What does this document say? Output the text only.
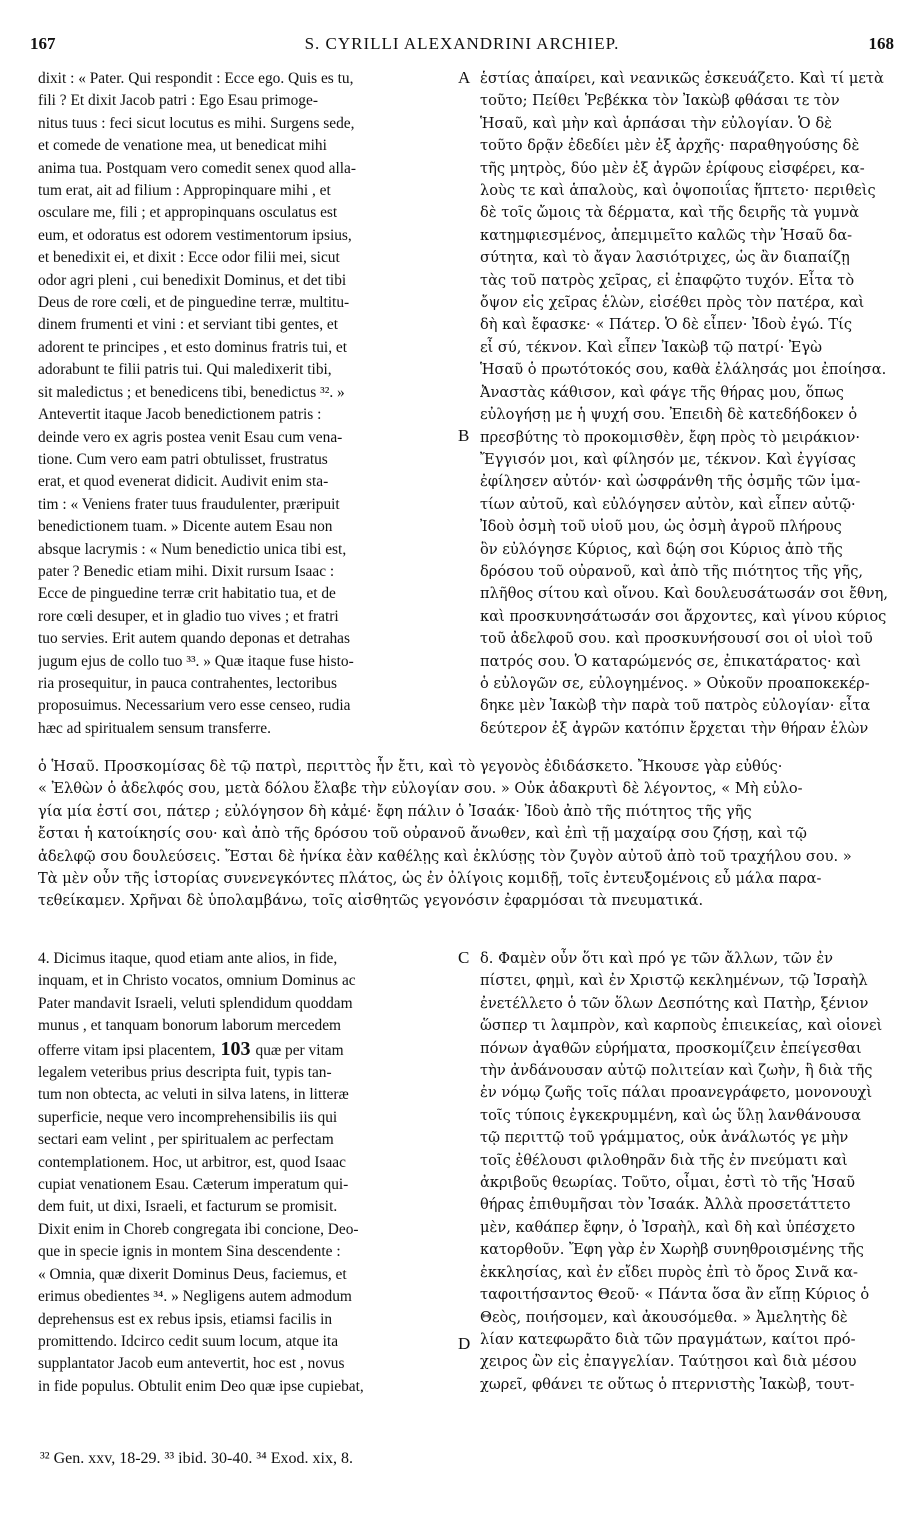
167	S. CYRILLI ALEXANDRINI ARCHIEP.	168
A
B
C
D
dixit : « Pater. Qui respondit : Ecce ego. Quis es tu,
fili ? Et dixit Jacob patri : Ego Esau primoge-
nitus tuus : feci sicut locutus es mihi. Surgens sede,
et comede de venatione mea, ut benedicat mihi
anima tua. Postquam vero comedit senex quod alla-
tum erat, ait ad filium : Appropinquare mihi , et
osculare me, fili ; et appropinquans osculatus est
eum, et odoratus est odorem vestimentorum ipsius,
et benedixit ei, et dixit : Ecce odor filii mei, sicut
odor agri pleni , cui benedixit Dominus, et det tibi
Deus de rore cœli, et de pinguedine terræ, multitu-
dinem frumenti et vini : et serviant tibi gentes, et
adorent te principes , et esto dominus fratris tui, et
adorabunt te filii patris tui. Qui maledixerit tibi,
sit maledictus ; et benedicens tibi, benedictus ³². »
Antevertit itaque Jacob benedictionem patris :
deinde vero ex agris postea venit Esau cum vena-
tione. Cum vero eam patri obtulisset, frustratus
erat, et quod evenerat didicit. Audivit enim sta-
tim : « Veniens frater tuus fraudulenter, præripuit
benedictionem tuam. » Dicente autem Esau non
absque lacrymis : « Num benedictio unica tibi est,
pater ? Benedic etiam mihi. Dixit rursum Isaac :
Ecce de pinguedine terræ crit habitatio tua, et de
rore cœli desuper, et in gladio tuo vives ; et fratri
tuo servies. Erit autem quando deponas et detrahas
jugum ejus de collo tuo ³³. » Quæ itaque fuse histo-
ria prosequitur, in pauca contrahentes, lectoribus
proposuimus. Necessarium vero esse censeo, rudia
hæc ad spiritualem sensum transferre.
ἑστίας ἀπαίρει, καὶ νεανικῶς ἐσκευάζετο. Καὶ τί μετὰ
τοῦτο; Πείθει Ῥεβέκκα τὸν Ἰακὼβ φθάσαι τε τὸν
Ἡσαῦ, καὶ μὴν καὶ ἁρπάσαι τὴν εὐλογίαν. Ὁ δὲ
τοῦτο δρᾷν ἐδεδίει μὲν ἐξ ἀρχῆς· παραθηγούσης δὲ
τῆς μητρὸς, δύο μὲν ἐξ ἀγρῶν ἐρίφους εἰσφέρει, κα-
λοὺς τε καὶ ἁπαλοὺς, καὶ ὀψοποιΐας ἥπτετο· περιθεὶς
δὲ τοῖς ὤμοις τὰ δέρματα, καὶ τῆς δειρῆς τὰ γυμνὰ
κατημφιεσμένος, ἀπεμιμεῖτο καλῶς τὴν Ἡσαῦ δα-
σύτητα, καὶ τὸ ἄγαν λασιότριχες, ὡς ἂν διαπαίζῃ
τὰς τοῦ πατρὸς χεῖρας, εἰ ἐπαφῷτο τυχόν. Εἶτα τὸ
ὄψον εἰς χεῖρας ἑλὼν, εἰσέθει πρὸς τὸν πατέρα, καὶ
δὴ καὶ ἔφασκε· « Πάτερ. Ὁ δὲ εἶπεν· Ἰδοὺ ἐγώ. Τίς
εἶ σύ, τέκνον. Καὶ εἶπεν Ἰακὼβ τῷ πατρί· Ἐγὼ
Ἡσαῦ ὁ πρωτότοκός σου, καθὰ ἐλάλησάς μοι ἐποίησα.
Ἀναστὰς κάθισον, καὶ φάγε τῆς θήρας μου, ὅπως
εὐλογήσῃ με ἡ ψυχή σου. Ἐπειδὴ δὲ κατεδήδοκεν ὁ
πρεσβύτης τὸ προκομισθὲν, ἔφη πρὸς τὸ μειράκιον·
Ἔγγισόν μοι, καὶ φίλησόν με, τέκνον. Καὶ ἐγγίσας
ἐφίλησεν αὐτόν· καὶ ὠσφράνθη τῆς ὀσμῆς τῶν ἱμα-
τίων αὐτοῦ, καὶ εὐλόγησεν αὐτὸν, καὶ εἶπεν αὐτῷ·
Ἰδοὺ ὀσμὴ τοῦ υἱοῦ μου, ὡς ὀσμὴ ἀγροῦ πλήρους
ὃν εὐλόγησε Κύριος, καὶ δῴη σοι Κύριος ἀπὸ τῆς
δρόσου τοῦ οὐρανοῦ, καὶ ἀπὸ τῆς πιότητος τῆς γῆς,
πλῆθος σίτου καὶ οἴνου. Καὶ δουλευσάτωσάν σοι ἔθνη,
καὶ προσκυνησάτωσάν σοι ἄρχοντες, καὶ γίνου κύριος
τοῦ ἀδελφοῦ σου. καὶ προσκυνήσουσί σοι οἱ υἱοὶ τοῦ
πατρός σου. Ὁ καταρώμενός σε, ἐπικατάρατος· καὶ
ὁ εὐλογῶν σε, εὐλογημένος. » Οὐκοῦν προαποκεκέρ-
δηκε μὲν Ἰακὼβ τὴν παρὰ τοῦ πατρὸς εὐλογίαν· εἶτα
δεύτερον ἐξ ἀγρῶν κατόπιν ἔρχεται τὴν θήραν ἑλὼν
ὁ Ἡσαῦ. Προσκομίσας δὲ τῷ πατρὶ, περιττὸς ἦν ἔτι, καὶ τὸ γεγονὸς ἐδιδάσκετο. Ἤκουσε γὰρ εὐθύς·
« Ἐλθὼν ὁ ἀδελφός σου, μετὰ δόλου ἔλαβε τὴν εὐλογίαν σου. » Οὐκ ἀδακρυτὶ δὲ λέγοντος, « Μὴ εὐλο-
γία μία ἐστί σοι, πάτερ ; εὐλόγησον δὴ κἀμέ· ἔφη πάλιν ὁ Ἰσαάκ· Ἰδοὺ ἀπὸ τῆς πιότητος τῆς γῆς
ἔσται ἡ κατοίκησίς σου· καὶ ἀπὸ τῆς δρόσου τοῦ οὐρανοῦ ἄνωθεν, καὶ ἐπὶ τῇ μαχαίρᾳ σου ζήσῃ, καὶ τῷ
ἀδελφῷ σου δουλεύσεις. Ἔσται δὲ ἡνίκα ἐὰν καθέλῃς καὶ ἐκλύσῃς τὸν ζυγὸν αὐτοῦ ἀπὸ τοῦ τραχήλου σου. »
Τὰ μὲν οὖν τῆς ἱστορίας συνενεγκόντες πλάτος, ὡς ἐν ὀλίγοις κομιδῇ, τοῖς ἐντευξομένοις εὖ μάλα παρα-
τεθείκαμεν. Χρῆναι δὲ ὑπολαμβάνω, τοῖς αἰσθητῶς γεγονόσιν ἐφαρμόσαι τὰ πνευματικά.
4. Dicimus itaque, quod etiam ante alios, in fide,
inquam, et in Christo vocatos, omnium Dominus ac
Pater mandavit Israeli, veluti splendidum quoddam
munus , et tanquam bonorum laborum mercedem
offerre vitam ipsi placentem, 103 quæ per vitam
legalem veteribus prius descripta fuit, typis tan-
tum non obtecta, ac veluti in silva latens, in litteræ
superficie, neque vero incomprehensibilis iis qui
sectari eam velint , per spiritualem ac perfectam
contemplationem. Hoc, ut arbitror, est, quod Isaac
cupiat venationem Esau. Cæterum imperatum qui-
dem fuit, ut dixi, Israeli, et facturum se promisit.
Dixit enim in Choreb congregata ibi concione, Deo-
que in specie ignis in montem Sina descendente :
« Omnia, quæ dixerit Dominus Deus, faciemus, et
erimus obedientes ³⁴. » Negligens autem admodum
deprehensus est ex rebus ipsis, etiamsi facilis in
promittendo. Idcirco cedit suum locum, atque ita
supplantator Jacob eum antevertit, hoc est , novus
in fide populus. Obtulit enim Deo quæ ipse cupiebat,
δ. Φαμὲν οὖν ὅτι καὶ πρό γε τῶν ἄλλων, τῶν ἐν
πίστει, φημὶ, καὶ ἐν Χριστῷ κεκλημένων, τῷ Ἰσραὴλ
ἐνετέλλετο ὁ τῶν ὅλων Δεσπότης καὶ Πατὴρ, ξένιον
ὥσπερ τι λαμπρὸν, καὶ καρποὺς ἐπιεικείας, καὶ οἱονεὶ
πόνων ἀγαθῶν εὑρήματα, προσκομίζειν ἐπείγεσθαι
τὴν ἀνδάνουσαν αὐτῷ πολιτείαν καὶ ζωὴν, ἣ διὰ τῆς
ἐν νόμῳ ζωῆς τοῖς πάλαι προανεγράφετο, μονονουχὶ
τοῖς τύποις ἐγκεκρυμμένη, καὶ ὡς ὕλῃ λανθάνουσα
τῷ περιττῷ τοῦ γράμματος, οὐκ ἀνάλωτός γε μὴν
τοῖς ἐθέλουσι φιλοθηρᾶν διὰ τῆς ἐν πνεύματι καὶ
ἀκριβοῦς θεωρίας. Τοῦτο, οἶμαι, ἐστὶ τὸ τῆς Ἡσαῦ
θήρας ἐπιθυμῆσαι τὸν Ἰσαάκ. Ἀλλὰ προσετάττετο
μὲν, καθάπερ ἔφην, ὁ Ἰσραὴλ, καὶ δὴ καὶ ὑπέσχετο
κατορθοῦν. Ἔφη γὰρ ἐν Χωρὴβ συνηθροισμένης τῆς
ἐκκλησίας, καὶ ἐν εἴδει πυρὸς ἐπὶ τὸ ὄρος Σινᾶ κα-
ταφοιτήσαντος Θεοῦ· « Πάντα ὅσα ἂν εἴπῃ Κύριος ὁ
Θεὸς, ποιήσομεν, καὶ ἀκουσόμεθα. » Ἀμελητὴς δὲ
λίαν κατεφωρᾶτο διὰ τῶν πραγμάτων, καίτοι πρό-
χειρος ὢν εἰς ἐπαγγελίαν. Ταύτῃσοι καὶ διὰ μέσου
χωρεῖ, φθάνει τε οὕτως ὁ πτερνιστὴς Ἰακὼβ, τουτ-
³² Gen. xxv, 18-29. ³³ ibid. 30-40. ³⁴ Exod. xix, 8.
